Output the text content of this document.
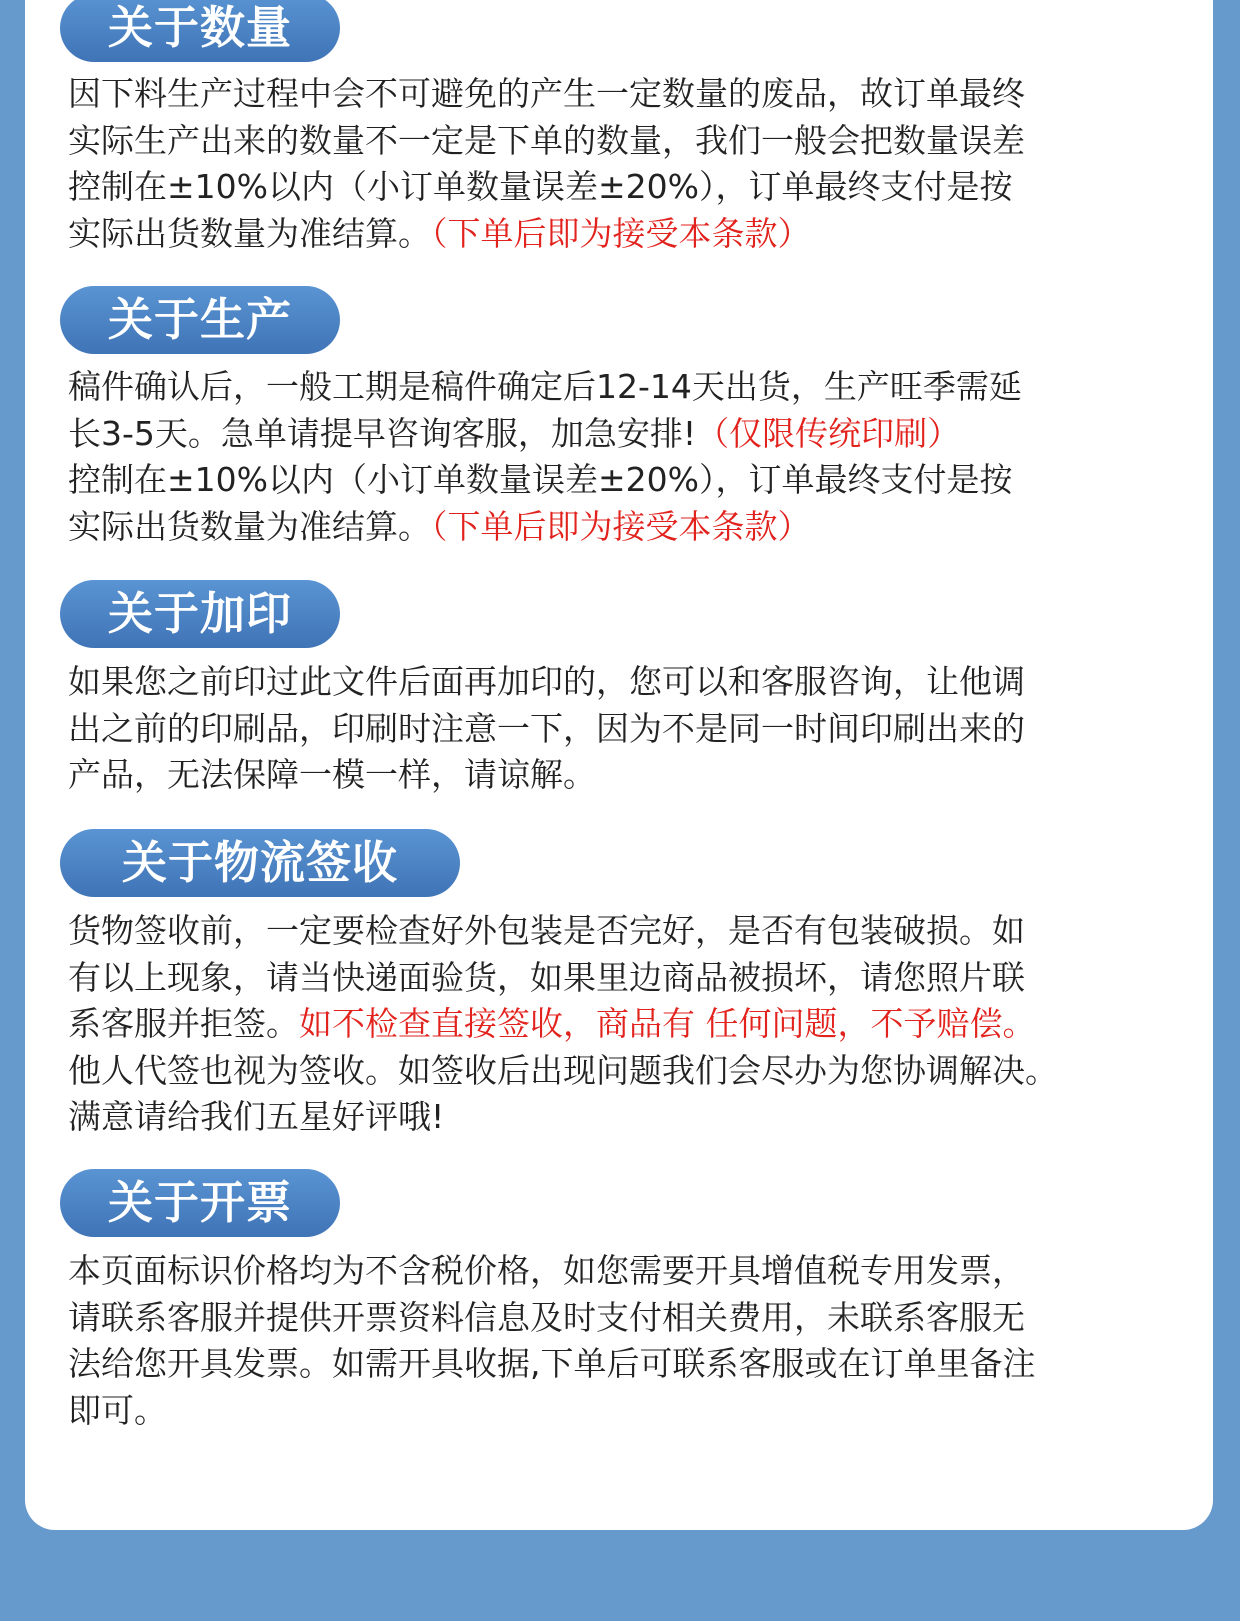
关于数量
因下料生产过程中会不可避免的产生一定数量的废品，故订单最终
实际生产出来的数量不一定是下单的数量，我们一般会把数量误差
控制在±10%以内（小订单数量误差±20%），订单最终支付是按
实际出货数量为准结算。（下单后即为接受本条款）
关于生产
稿件确认后，一般工期是稿件确定后12-14天出货，生产旺季需延
长3-5天。急单请提早咨询客服，加急安排!（仅限传统印刷）
控制在±10%以内（小订单数量误差±20%），订单最终支付是按
实际出货数量为准结算。（下单后即为接受本条款）
关于加印
如果您之前印过此文件后面再加印的，您可以和客服咨询，让他调
出之前的印刷品，印刷时注意一下，因为不是同一时间印刷出来的
产品，无法保障一模一样，请谅解。
关于物流签收
货物签收前，一定要检查好外包装是否完好，是否有包装破损。如
有以上现象，请当快递面验货，如果里边商品被损坏，请您照片联
系客服并拒签。如不检查直接签收，商品有 任何问题，不予赔偿。
他人代签也视为签收。如签收后出现问题我们会尽办为您协调解决。
满意请给我们五星好评哦!
关于开票
本页面标识价格均为不含税价格，如您需要开具增值税专用发票，
请联系客服并提供开票资料信息及时支付相关费用，未联系客服无
法给您开具发票。如需开具收据,下单后可联系客服或在订单里备注
即可。
